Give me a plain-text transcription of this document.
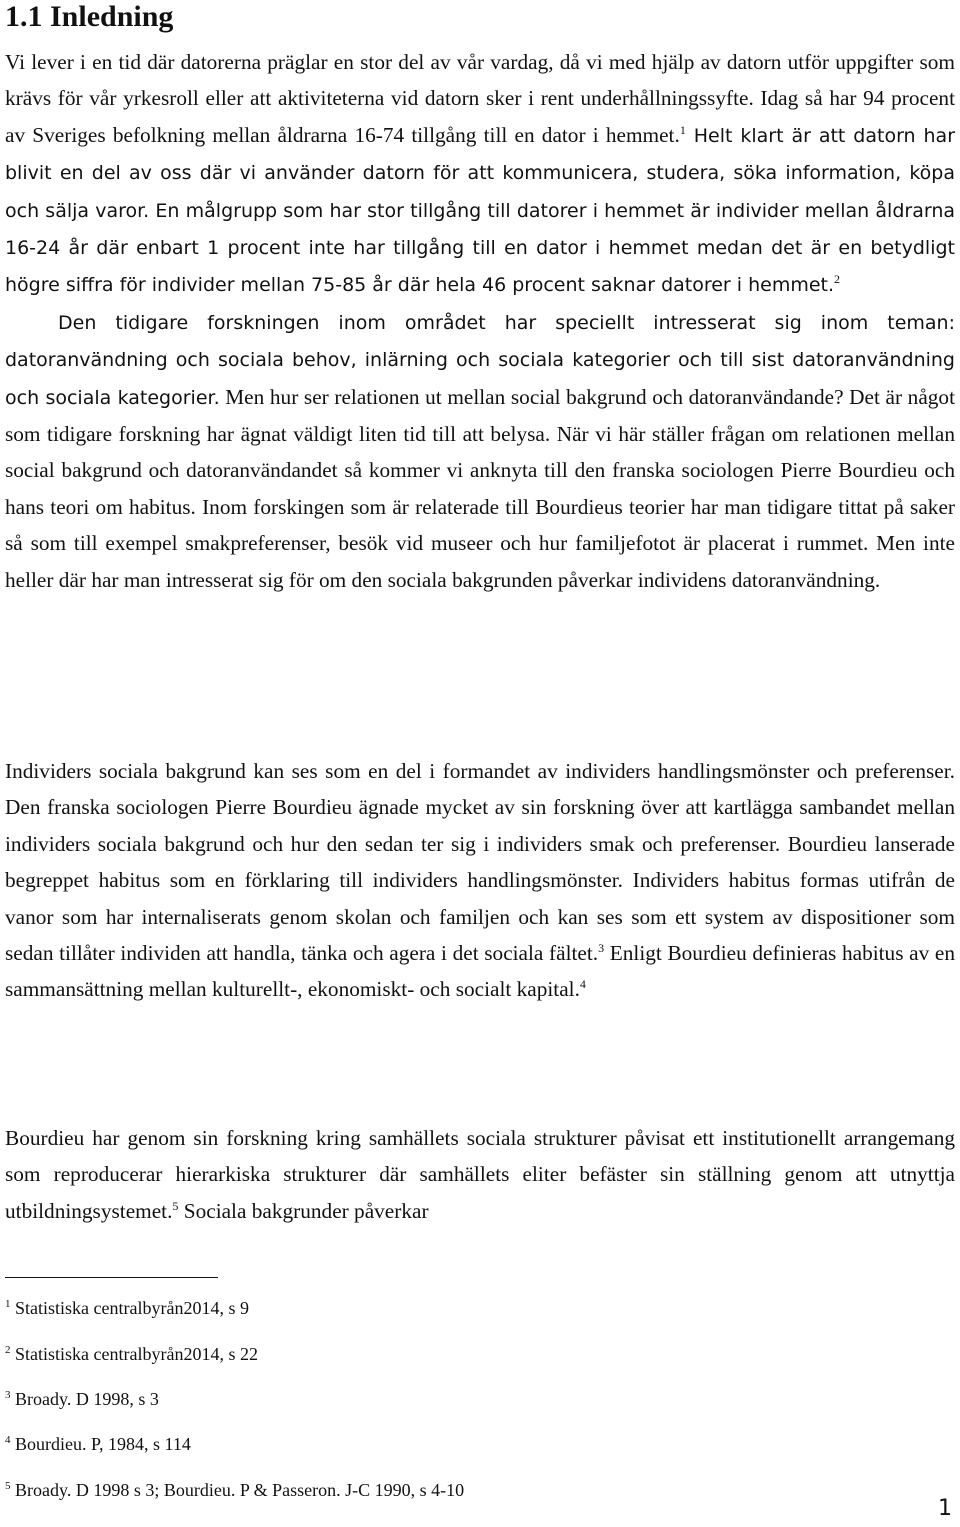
1.1 Inledning

Vi lever i en tid där datorerna präglar en stor del av vår vardag, då vi med hjälp av datorn utför uppgifter som krävs för vår yrkesroll eller att aktiviteterna vid datorn sker i rent underhållningssyfte. Idag så har 94 procent av Sveriges befolkning mellan åldrarna 16-74 tillgång till en dator i hemmet.$^1$ Helt klart är att datorn har blivit en del av oss där vi använder datorn för att kommunicera, studera, söka information, köpa och sälja varor. En målgrupp som har stor tillgång till datorer i hemmet är individer mellan åldrarna 16-24 år där enbart 1 procent inte har tillgång till en dator i hemmet medan det är en betydligt högre siffra för individer mellan 75-85 år där hela 46 procent saknar datorer i hemmet.$^2$

Den tidigare forskningen inom området har speciellt intresserat sig inom teman: datoranvändning och sociala behov, inlärning och sociala kategorier och till sist datoranvändning och sociala kategorier. Men hur ser relationen ut mellan social bakgrund och datoranvändande? Det är något som tidigare forskning har ägnat väldigt liten tid till att belysa. När vi här ställer frågan om relationen mellan social bakgrund och datoranvändandet så kommer vi anknyta till den franska sociologen Pierre Bourdieu och hans teori om habitus. Inom forskingen som är relaterade till Bourdieus teorier har man tidigare tittat på saker så som till exempel smakpreferenser, besök vid museer och hur familjefotot är placerat i rummet. Men inte heller där har man intresserat sig för om den sociala bakgrunden påverkar individens datoranvändning.

Individers sociala bakgrund kan ses som en del i formandet av individers handlingsmönster och preferenser. Den franska sociologen Pierre Bourdieu ägnade mycket av sin forskning över att kartlägga sambandet mellan individers sociala bakgrund och hur den sedan ter sig i individers smak och preferenser. Bourdieu lanserade begreppet habitus som en förklaring till individers handlingsmönster. Individers habitus formas utifrån de vanor som har internaliserats genom skolan och familjen och kan ses som ett system av dispositioner som sedan tillåter individen att handla, tänka och agera i det sociala fältet.$^3$ Enligt Bourdieu definieras habitus av en sammansättning mellan kulturellt-, ekonomiskt- och socialt kapital.$^4$

Bourdieu har genom sin forskning kring samhällets sociala strukturer påvisat ett institutionellt arrangemang som reproducerar hierarkiska strukturer där samhällets eliter befäster sin ställning genom att utnyttja utbildningsystemet.$^5$ Sociala bakgrunder påverkar

$^1$ Statistiska centralbyrån2014, s 9
$^2$ Statistiska centralbyrån2014, s 22
$^3$ Broady. D 1998, s 3
$^4$ Bourdieu. P, 1984, s 114
$^5$ Broady. D 1998 s 3; Bourdieu. P & Passeron. J-C 1990, s 4-10
1
